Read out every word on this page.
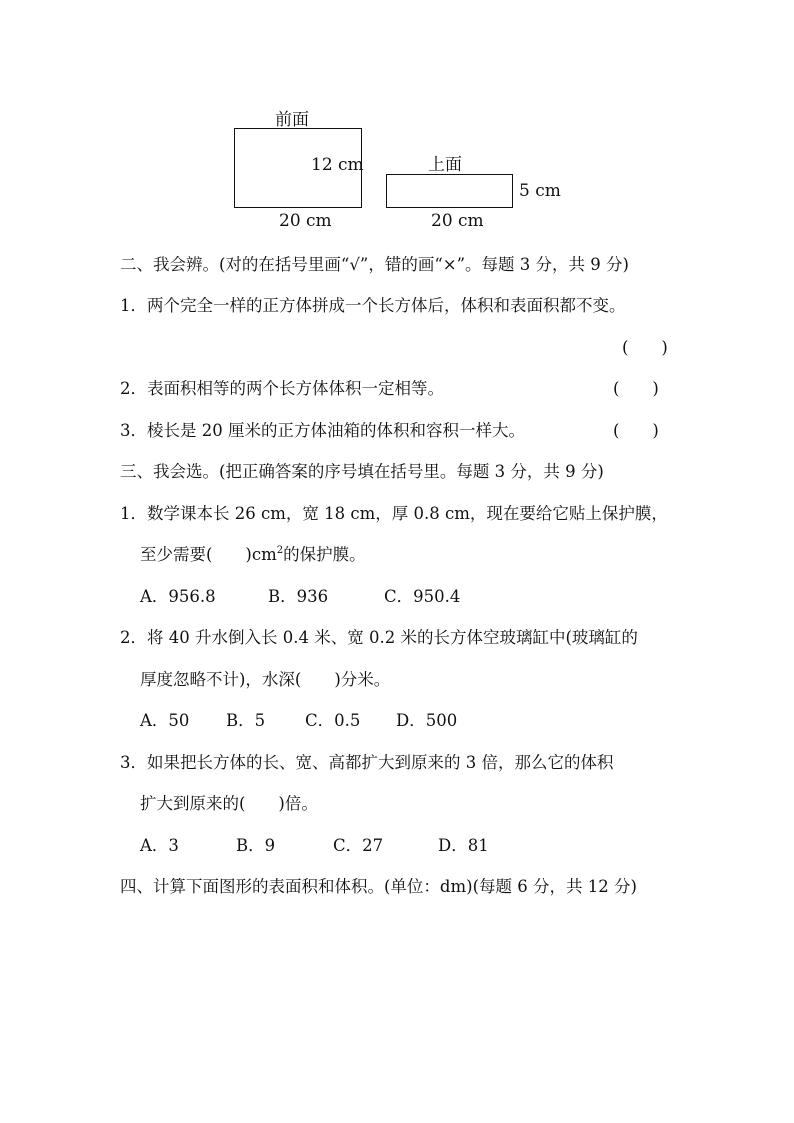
前面
12 cm
20 cm
上面
5 cm
20 cm
二、我会辨。(对的在括号里画“√”，错的画“×”。每题 3 分，共 9 分)
1．两个完全一样的正方体拼成一个长方体后，体积和表面积都不变。
(　　)
2．表面积相等的两个长方体体积一定相等。	(　　)
3．棱长是 20 厘米的正方体油箱的体积和容积一样大。	(　　)
三、我会选。(把正确答案的序号填在括号里。每题 3 分，共 9 分)
1．数学课本长 26 cm，宽 18 cm，厚 0.8 cm，现在要给它贴上保护膜，
至少需要(　　)$cm^2$的保护膜。
A．956.8	B．936	C．950.4
2．将 40 升水倒入长 0.4 米、宽 0.2 米的长方体空玻璃缸中(玻璃缸的
厚度忽略不计)，水深(　　)分米。
A．50 B．5 C．0.5 D．500
3．如果把长方体的长、宽、高都扩大到原来的 3 倍，那么它的体积
扩大到原来的(　　)倍。
A．3	B．9	C．27	D．81
四、计算下面图形的表面积和体积。(单位：dm)(每题 6 分，共 12 分)
